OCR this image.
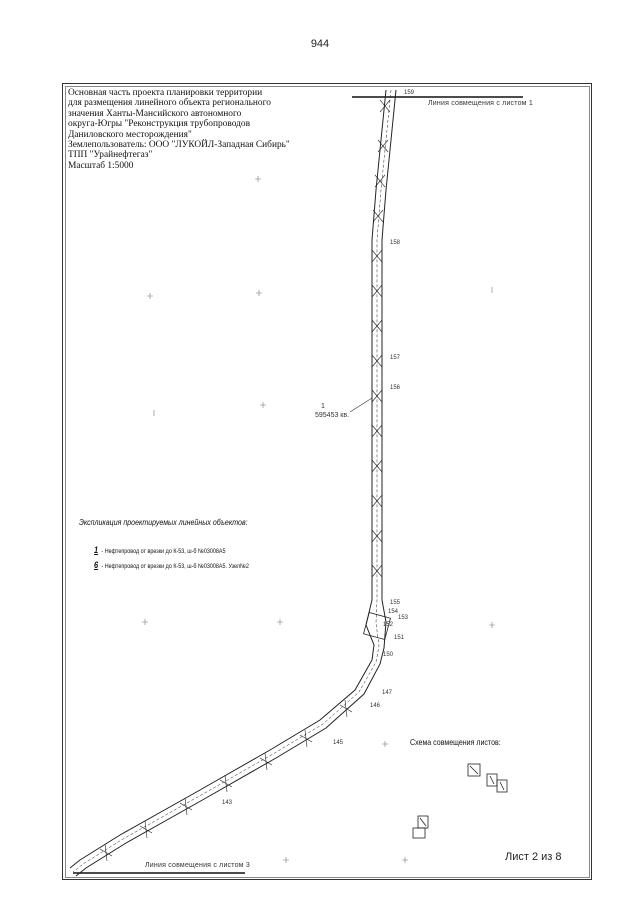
944
Основная часть проекта планировки территории
для размещения линейного объекта регионального
значения Ханты-Мансийского автономного
округа-Югры "Реконструкция трубопроводов
Даниловского месторождения"
Землепользователь: ООО "ЛУКОЙЛ-Западная Сибирь"
ТПП "Урайнефтегаз"
Масштаб 1:5000
Линия совмещения с листом 1
Линия совмещения с листом 3
1
595453 кв.
159
158
157
156
155
154
153
152
151
150
147
146
145
143
Экспликация проектируемых линейных объектов:
1 - Нефтепровод от врезки до К-53, ш-б №03008А5
6 - Нефтепровод от врезки до К-53, ш-б №03008А5. Узел№2
Схема совмещения листов:
Лист 2 из 8
